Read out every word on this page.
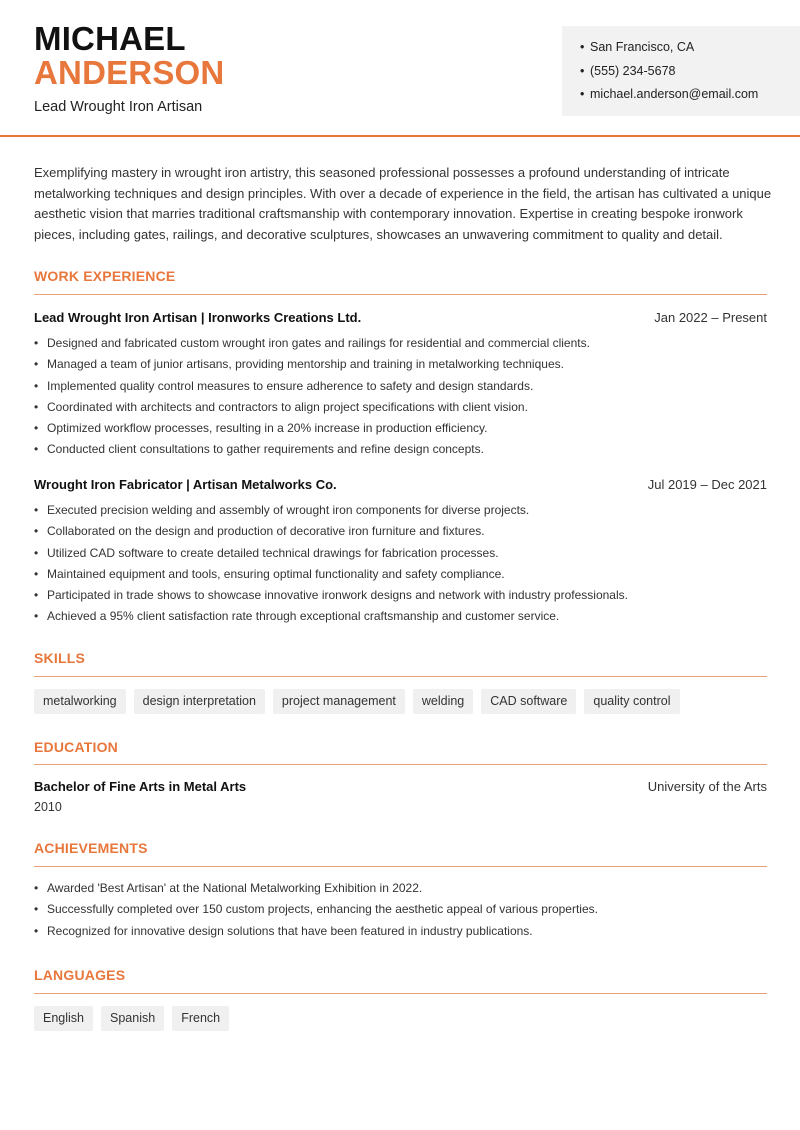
MICHAEL
ANDERSON
Lead Wrought Iron Artisan
• San Francisco, CA
• (555) 234-5678
• michael.anderson@email.com
Exemplifying mastery in wrought iron artistry, this seasoned professional possesses a profound understanding of intricate metalworking techniques and design principles. With over a decade of experience in the field, the artisan has cultivated a unique aesthetic vision that marries traditional craftsmanship with contemporary innovation. Expertise in creating bespoke ironwork pieces, including gates, railings, and decorative sculptures, showcases an unwavering commitment to quality and detail.
WORK EXPERIENCE
Lead Wrought Iron Artisan | Ironworks Creations Ltd.	Jan 2022 – Present
• Designed and fabricated custom wrought iron gates and railings for residential and commercial clients.
• Managed a team of junior artisans, providing mentorship and training in metalworking techniques.
• Implemented quality control measures to ensure adherence to safety and design standards.
• Coordinated with architects and contractors to align project specifications with client vision.
• Optimized workflow processes, resulting in a 20% increase in production efficiency.
• Conducted client consultations to gather requirements and refine design concepts.
Wrought Iron Fabricator | Artisan Metalworks Co.	Jul 2019 – Dec 2021
• Executed precision welding and assembly of wrought iron components for diverse projects.
• Collaborated on the design and production of decorative iron furniture and fixtures.
• Utilized CAD software to create detailed technical drawings for fabrication processes.
• Maintained equipment and tools, ensuring optimal functionality and safety compliance.
• Participated in trade shows to showcase innovative ironwork designs and network with industry professionals.
• Achieved a 95% client satisfaction rate through exceptional craftsmanship and customer service.
SKILLS
metalworking	design interpretation	project management	welding	CAD software	quality control
EDUCATION
Bachelor of Fine Arts in Metal Arts	University of the Arts
2010
ACHIEVEMENTS
• Awarded 'Best Artisan' at the National Metalworking Exhibition in 2022.
• Successfully completed over 150 custom projects, enhancing the aesthetic appeal of various properties.
• Recognized for innovative design solutions that have been featured in industry publications.
LANGUAGES
English	Spanish	French
